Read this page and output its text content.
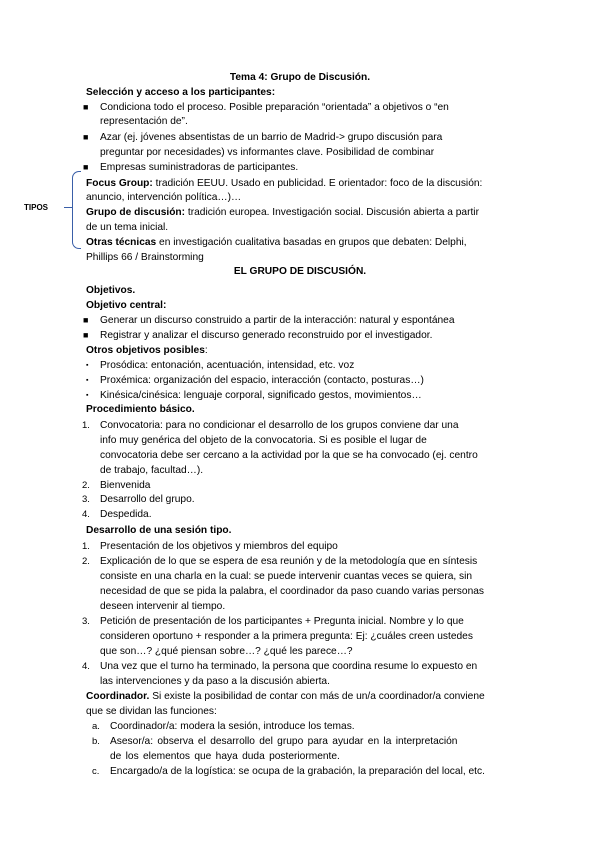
Tema 4: Grupo de Discusión.
Selección y acceso a los participantes:
■ Condiciona todo el proceso. Posible preparación “orientada” a objetivos o “en
representación de”.
■ Azar (ej. jóvenes absentistas de un barrio de Madrid-> grupo discusión para
preguntar por necesidades) vs informantes clave. Posibilidad de combinar
■ Empresas suministradoras de participantes.
TIPOS
Focus Group: tradición EEUU. Usado en publicidad. E orientador: foco de la discusión:
anuncio, intervención política…)…
Grupo de discusión: tradición europea. Investigación social. Discusión abierta a partir
de un tema inicial.
Otras técnicas en investigación cualitativa basadas en grupos que debaten: Delphi,
Phillips 66 / Brainstorming
EL GRUPO DE DISCUSIÓN.
Objetivos.
Objetivo central:
■ Generar un discurso construido a partir de la interacción: natural y espontánea
■ Registrar y analizar el discurso generado reconstruido por el investigador.
Otros objetivos posibles:
▪ Prosódica: entonación, acentuación, intensidad, etc. voz
▪ Proxémica: organización del espacio, interacción (contacto, posturas…)
▪ Kinésica/cinésica: lenguaje corporal, significado gestos, movimientos…
Procedimiento básico.
1. Convocatoria: para no condicionar el desarrollo de los grupos conviene dar una
info muy genérica del objeto de la convocatoria. Si es posible el lugar de
convocatoria debe ser cercano a la actividad por la que se ha convocado (ej. centro
de trabajo, facultad…).
2. Bienvenida
3. Desarrollo del grupo.
4. Despedida.
Desarrollo de una sesión tipo.
1. Presentación de los objetivos y miembros del equipo
2. Explicación de lo que se espera de esa reunión y de la metodología que en síntesis
consiste en una charla en la cual: se puede intervenir cuantas veces se quiera, sin
necesidad de que se pida la palabra, el coordinador da paso cuando varias personas
deseen intervenir al tiempo.
3. Petición de presentación de los participantes + Pregunta inicial. Nombre y lo que
consideren oportuno + responder a la primera pregunta: Ej: ¿cuáles creen ustedes
que son…? ¿qué piensan sobre…? ¿qué les parece…?
4. Una vez que el turno ha terminado, la persona que coordina resume lo expuesto en
las intervenciones y da paso a la discusión abierta.
Coordinador. Si existe la posibilidad de contar con más de un/a coordinador/a conviene
que se dividan las funciones:
a. Coordinador/a: modera la sesión, introduce los temas.
b. Asesor/a: observa el desarrollo del grupo para ayudar en la interpretación
de los elementos que haya duda posteriormente.
c. Encargado/a de la logística: se ocupa de la grabación, la preparación del local, etc.
